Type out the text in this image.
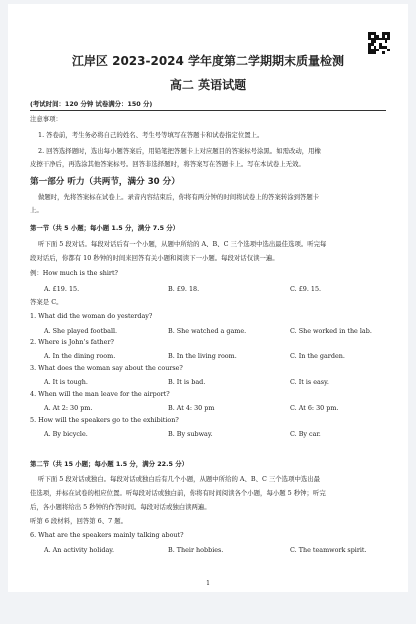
江岸区 2023-2024 学年度第二学期期末质量检测
高二 英语试题
(考试时间：120 分钟 试卷满分：150 分)
注意事项：
1. 答卷前，考生务必将自己的姓名、考生号等填写在答题卡和试卷指定位置上。
2. 回答选择题时，选出每小题答案后，用铅笔把答题卡上对应题目的答案标号涂黑。如需改动，用橡
皮擦干净后，再选涂其他答案标号。回答非选择题时，将答案写在答题卡上。写在本试卷上无效。
第一部分 听力（共两节，满分 30 分）
做题时，先将答案标在试卷上。录音内容结束后，你将有两分钟的时间将试卷上的答案转涂到答题卡
上。
第一节（共 5 小题；每小题 1.5 分，满分 7.5 分）
听下面 5 段对话。每段对话后有一个小题，从题中所给的 A、B、C 三个选项中选出最佳选项。听完每
段对话后，你都有 10 秒钟的时间来回答有关小题和阅读下一小题。每段对话仅读一遍。
例：How much is the shirt?
A. £19. 15.	B. £9. 18.	C. £9. 15.
答案是 C。
1. What did the woman do yesterday?
A. She played football.	B. She watched a game.	C. She worked in the lab.
2. Where is John’s father?
A. In the dining room.	B. In the living room.	C. In the garden.
3. What does the woman say about the course?
A. It is tough.	B. It is bad.	C. It is easy.
4. When will the man leave for the airport?
A. At 2: 30 pm.	B. At 4: 30 pm	C. At 6: 30 pm.
5. How will the speakers go to the exhibition?
A. By bicycle.	B. By subway.	C. By car.
第二节（共 15 小题；每小题 1.5 分，满分 22.5 分）
听下面 5 段对话或独白。每段对话或独白后有几个小题，从题中所给的 A、B、C 三个选项中选出最
佳选项，并标在试卷的相应位置。听每段对话或独白前，你将有时间阅读各个小题，每小题 5 秒钟；听完
后，各小题将给出 5 秒钟的作答时间。每段对话或独白读两遍。
听第 6 段材料，回答第 6、7 题。
6. What are the speakers mainly talking about?
A. An activity holiday.	B. Their hobbies.	C. The teamwork spirit.
1
